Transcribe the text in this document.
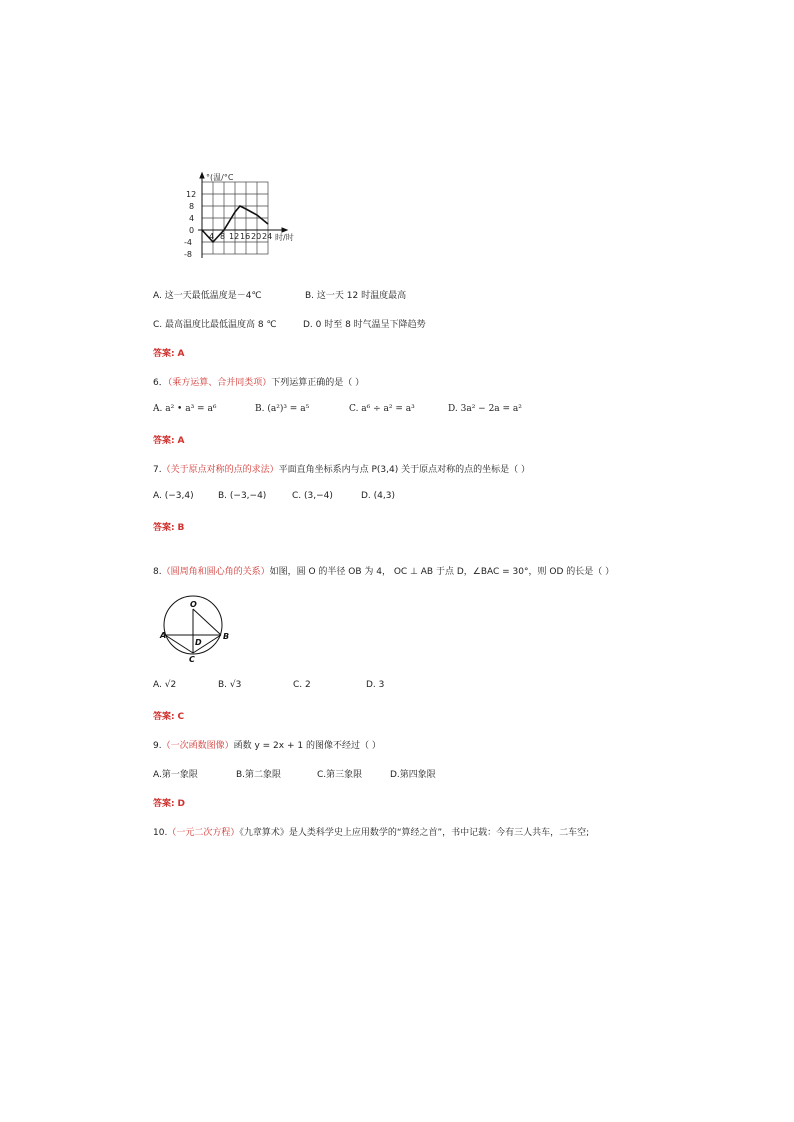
°(温/°C
12
8
4
0
-4
-8
4 8 12 16 20 24 时/时
A. 这一天最低温度是－4℃	B. 这一天 12 时温度最高
C. 最高温度比最低温度高 8 ℃	D. 0 时至 8 时气温呈下降趋势
答案: A
6．（乘方运算、合并同类项）下列运算正确的是（ ）
A. a² • a³ = a⁶	B. (a²)³ = a⁵	C. a⁶ ÷ a² = a³	D. 3a² − 2a = a²
答案: A
7.（关于原点对称的点的求法）平面直角坐标系内与点 P(3,4) 关于原点对称的点的坐标是（ ）
A. (−3,4)	B. (−3,−4)	C. (3,−4)	D. (4,3)
答案: B
8.（圆周角和圆心角的关系）如图，圆 O 的半径 OB 为 4， OC ⊥ AB 于点 D，∠BAC = 30°，则 OD 的长是（ ）
O
A	B
D
C
A. √2	B. √3	C. 2	D. 3
答案: C
9.（一次函数图像）函数 y = 2x + 1 的图像不经过（ ）
A.第一象限	B.第二象限	C.第三象限	D.第四象限
答案: D
10.（一元二次方程）《九章算术》是人类科学史上应用数学的“算经之首”，书中记载：今有三人共车，二车空;
